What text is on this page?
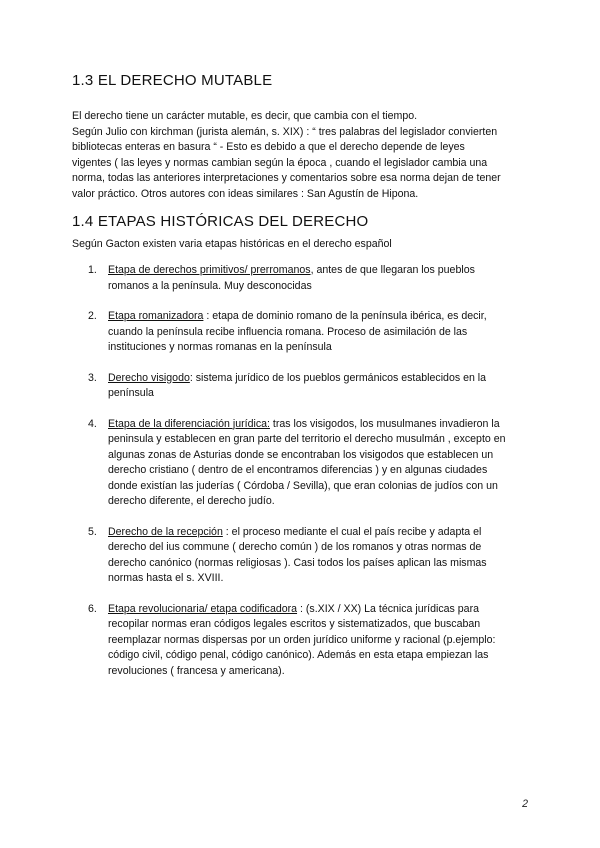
1.3 EL DERECHO MUTABLE

El derecho tiene un carácter mutable, es decir, que cambia con el tiempo.
Según Julio con kirchman (jurista alemán, s. XIX) : “ tres palabras del legislador convierten
bibliotecas enteras en basura “ - Esto es debido a que el derecho depende de leyes
vigentes ( las leyes y normas cambian según la época , cuando el legislador cambia una
norma, todas las anteriores interpretaciones y comentarios sobre esa norma dejan de tener
valor práctico. Otros autores con ideas similares : San Agustín de Hipona.

1.4 ETAPAS HISTÓRICAS DEL DERECHO

Según Gacton existen varia etapas históricas en el derecho español

1. Etapa de derechos primitivos/ prerromanos, antes de que llegaran los pueblos
romanos a la península. Muy desconocidas
2. Etapa romanizadora : etapa de dominio romano de la península ibérica, es decir,
cuando la península recibe influencia romana. Proceso de asimilación de las
instituciones y normas romanas en la península
3. Derecho visigodo: sistema jurídico de los pueblos germánicos establecidos en la
península
4. Etapa de la diferenciación jurídica: tras los visigodos, los musulmanes invadieron la
peninsula y establecen en gran parte del territorio el derecho musulmán , excepto en
algunas zonas de Asturias donde se encontraban los visigodos que establecen un
derecho cristiano ( dentro de el encontramos diferencias ) y en algunas ciudades
donde existían las juderías ( Córdoba / Sevilla), que eran colonias de judíos con un
derecho diferente, el derecho judío.
5. Derecho de la recepción : el proceso mediante el cual el país recibe y adapta el
derecho del ius commune ( derecho común ) de los romanos y otras normas de
derecho canónico (normas religiosas ). Casi todos los países aplican las mismas
normas hasta el s. XVIII.
6. Etapa revolucionaria/ etapa codificadora : (s.XIX / XX) La técnica jurídicas para
recopilar normas eran códigos legales escritos y sistematizados, que buscaban
reemplazar normas dispersas por un orden jurídico uniforme y racional (p.ejemplo:
código civil, código penal, código canónico). Además en esta etapa empiezan las
revoluciones ( francesa y americana).
2
